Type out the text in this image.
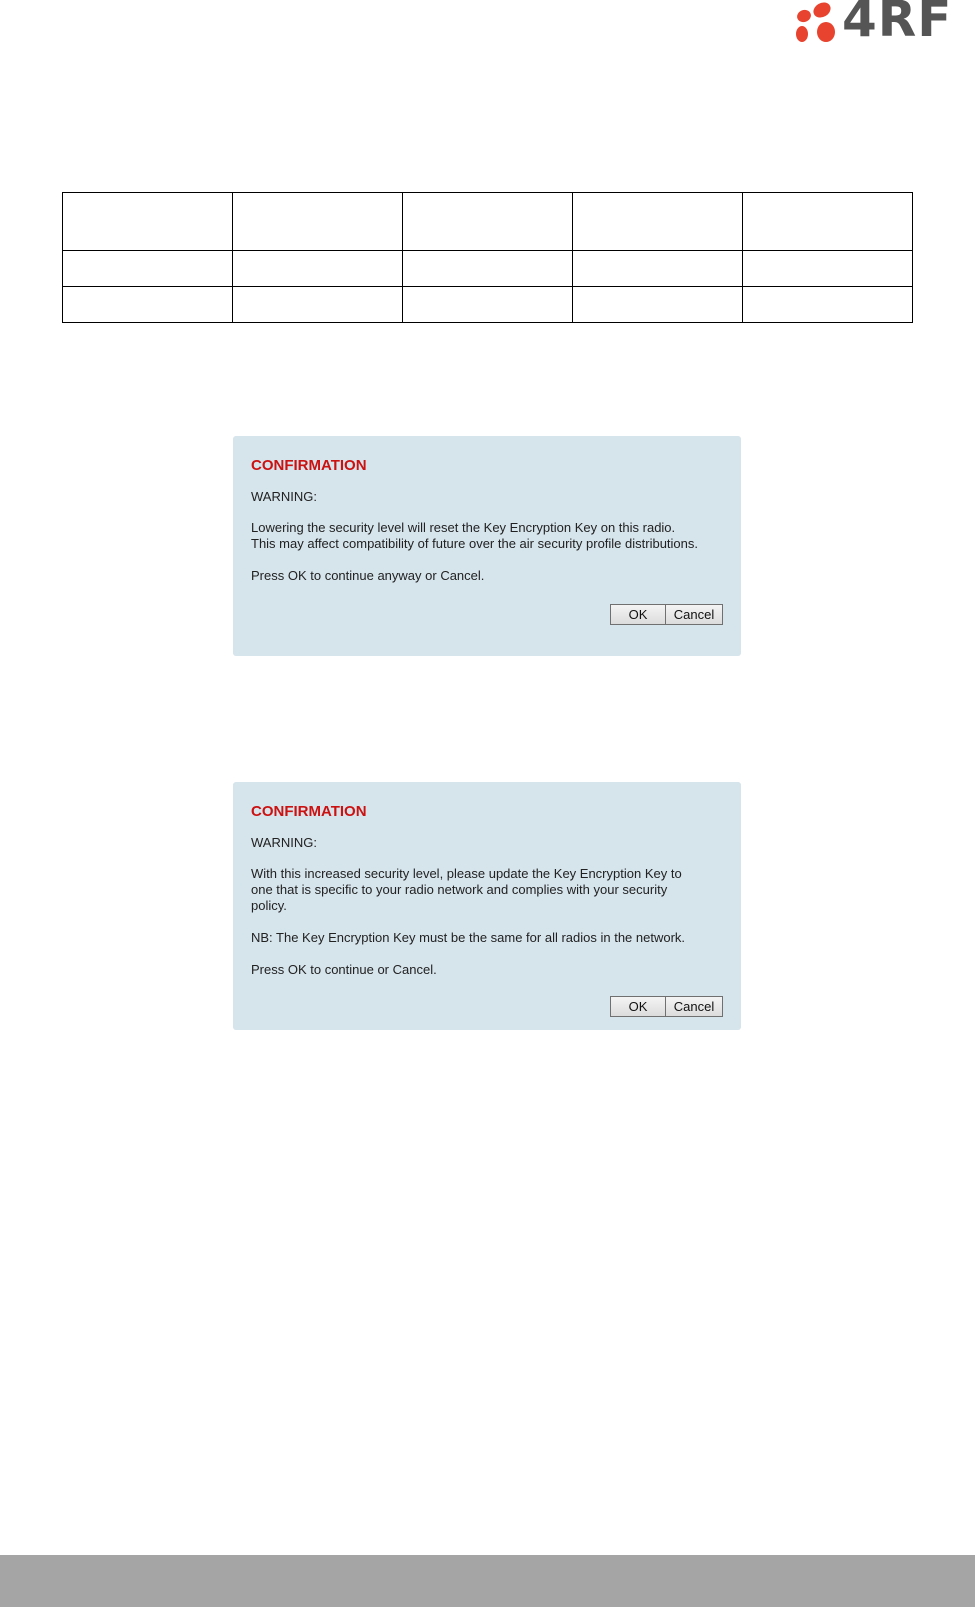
4RF

CONFIRMATION

WARNING:

Lowering the security level will reset the Key Encryption Key on this radio.
This may affect compatibility of future over the air security profile distributions.

Press OK to continue anyway or Cancel.

OK	Cancel

CONFIRMATION

WARNING:

With this increased security level, please update the Key Encryption Key to
one that is specific to your radio network and complies with your security
policy.

NB: The Key Encryption Key must be the same for all radios in the network.

Press OK to continue or Cancel.

OK	Cancel
